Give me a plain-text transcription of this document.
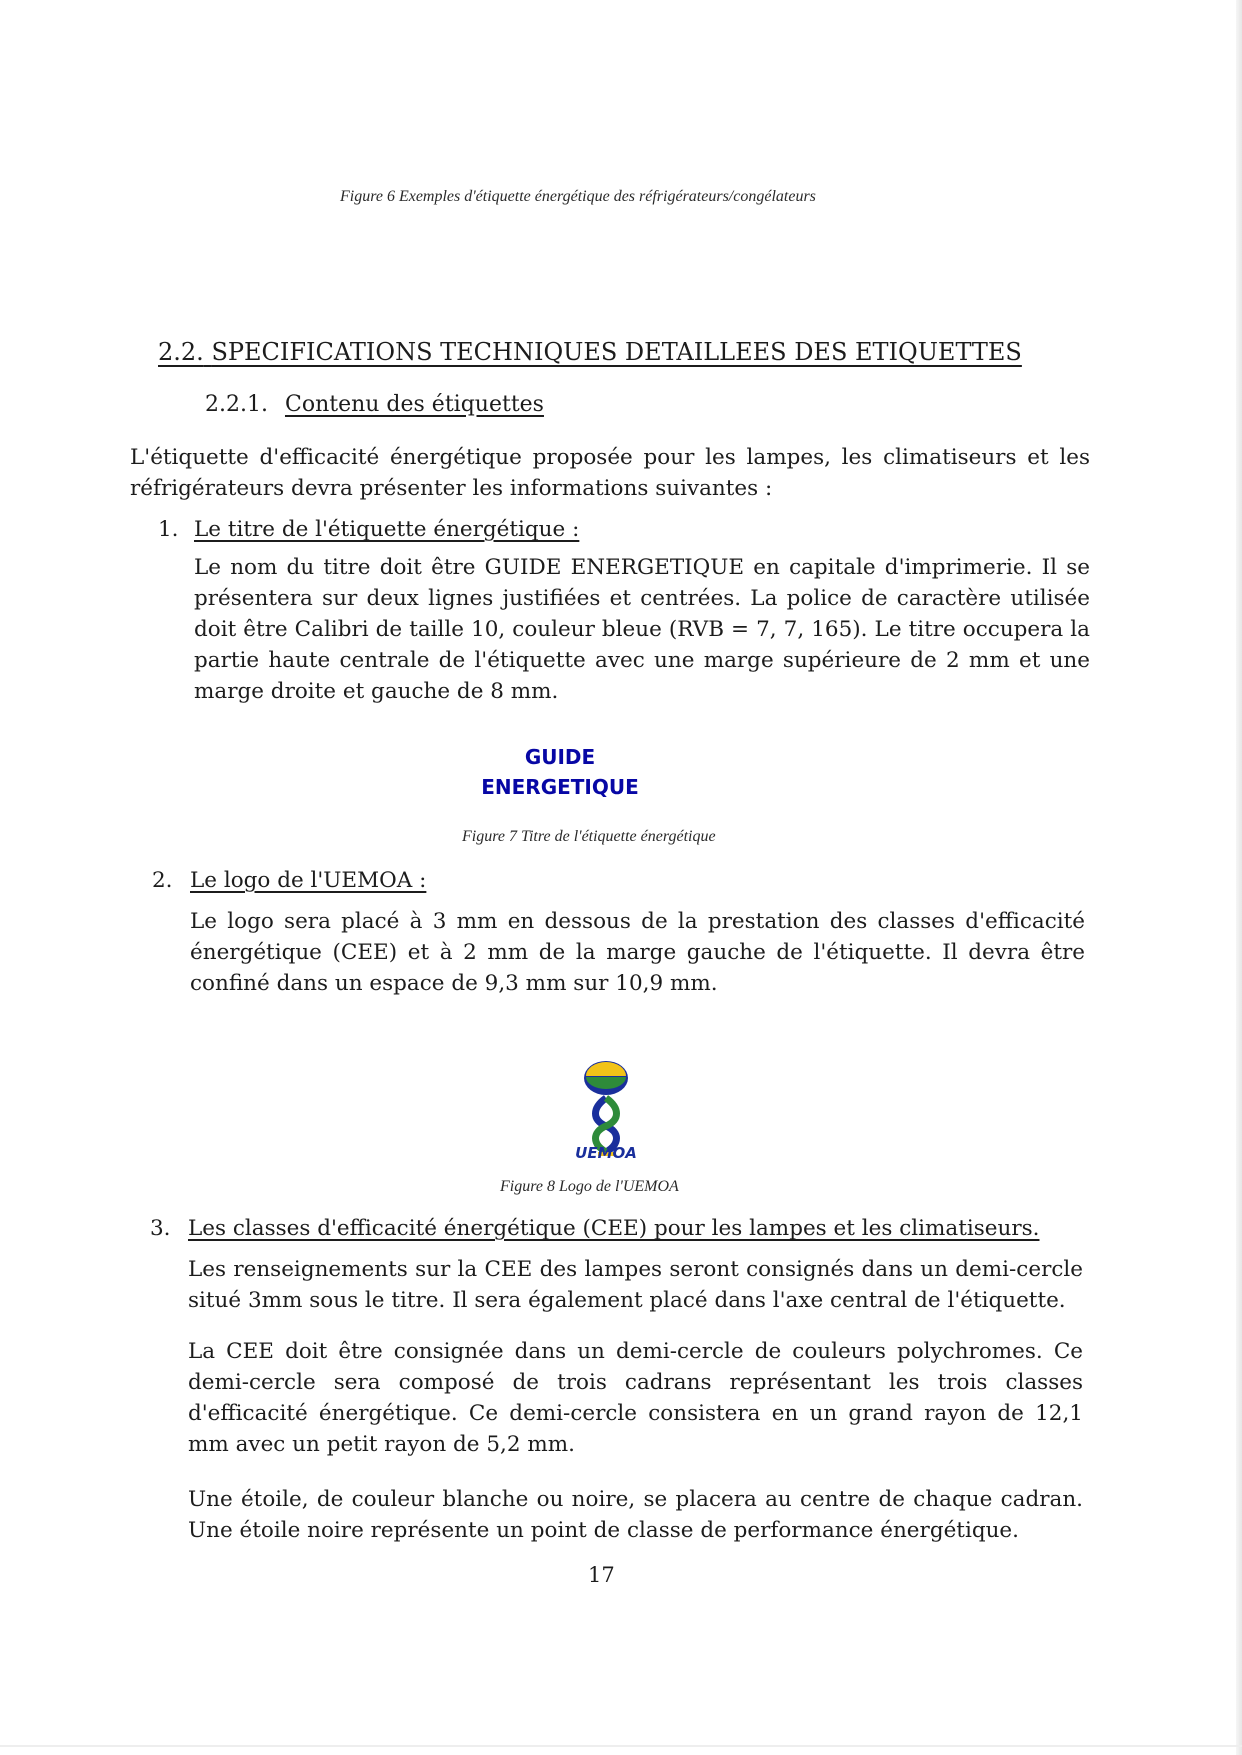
Figure 6 Exemples d'étiquette énergétique des réfrigérateurs/congélateurs
2.2. SPECIFICATIONS TECHNIQUES DETAILLEES DES ETIQUETTES
2.2.1. Contenu des étiquettes
L'étiquette d'efficacité énergétique proposée pour les lampes, les climatiseurs et les réfrigérateurs devra présenter les informations suivantes :
1. Le titre de l'étiquette énergétique :
Le nom du titre doit être GUIDE ENERGETIQUE en capitale d'imprimerie. Il se présentera sur deux lignes justifiées et centrées. La police de caractère utilisée doit être Calibri de taille 10, couleur bleue (RVB = 7, 7, 165). Le titre occupera la partie haute centrale de l'étiquette avec une marge supérieure de 2 mm et une marge droite et gauche de 8 mm.
GUIDE
ENERGETIQUE
Figure 7 Titre de l'étiquette énergétique
2. Le logo de l'UEMOA :
Le logo sera placé à 3 mm en dessous de la prestation des classes d'efficacité énergétique (CEE) et à 2 mm de la marge gauche de l'étiquette. Il devra être confiné dans un espace de 9,3 mm sur 10,9 mm.
UEMOA
Figure 8 Logo de l'UEMOA
3. Les classes d'efficacité énergétique (CEE) pour les lampes et les climatiseurs.
Les renseignements sur la CEE des lampes seront consignés dans un demi-cercle situé 3mm sous le titre. Il sera également placé dans l'axe central de l'étiquette.
La CEE doit être consignée dans un demi-cercle de couleurs polychromes. Ce demi-cercle sera composé de trois cadrans représentant les trois classes d'efficacité énergétique. Ce demi-cercle consistera en un grand rayon de 12,1 mm avec un petit rayon de 5,2 mm.
Une étoile, de couleur blanche ou noire, se placera au centre de chaque cadran. Une étoile noire représente un point de classe de performance énergétique.
17
